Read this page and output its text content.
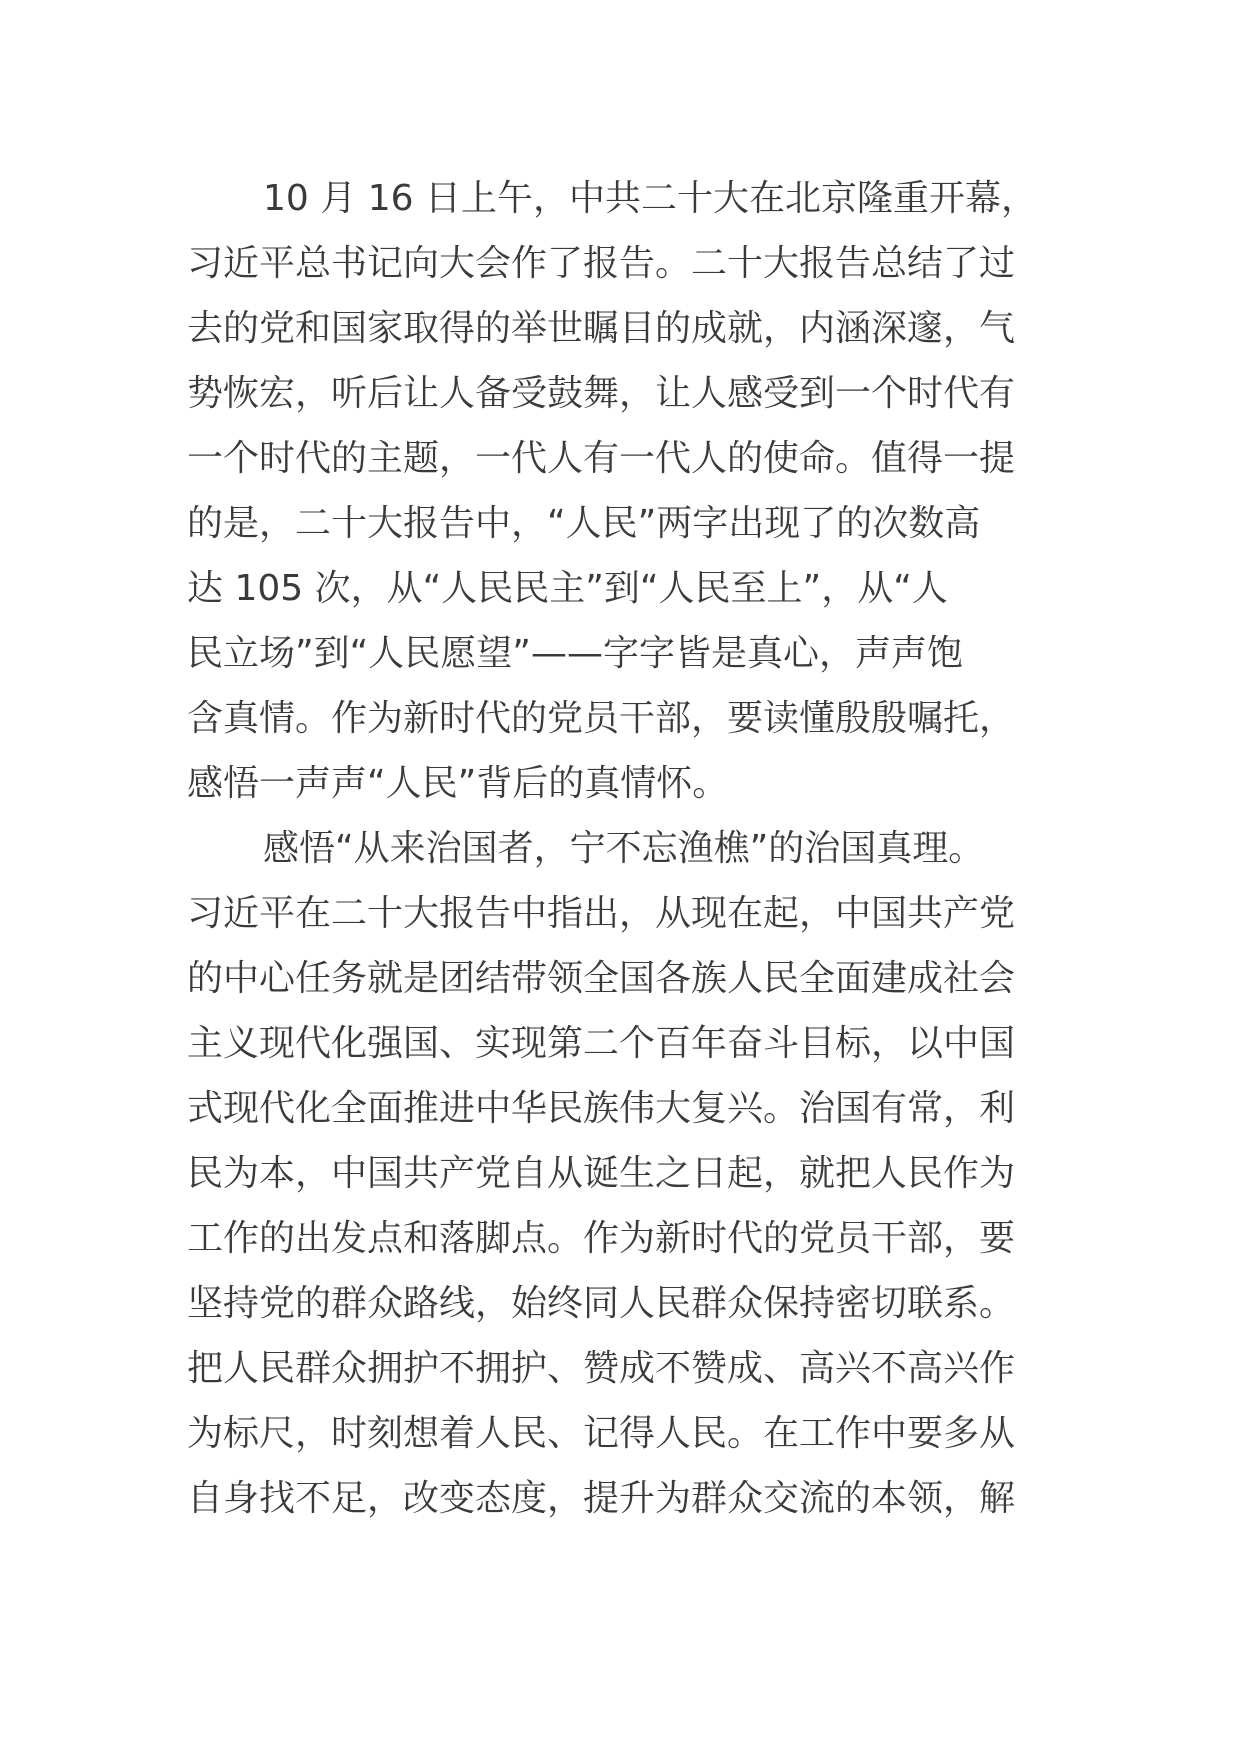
10 月 16 日上午，中共二十大在北京隆重开幕，
习近平总书记向大会作了报告。二十大报告总结了过
去的党和国家取得的举世瞩目的成就，内涵深邃，气
势恢宏，听后让人备受鼓舞，让人感受到一个时代有
一个时代的主题，一代人有一代人的使命。值得一提
的是，二十大报告中，“人民”两字出现了的次数高
达 105 次，从“人民民主”到“人民至上”，从“人
民立场”到“人民愿望”——字字皆是真心，声声饱
含真情。作为新时代的党员干部，要读懂殷殷嘱托，
感悟一声声“人民”背后的真情怀。
感悟“从来治国者，宁不忘渔樵”的治国真理。
习近平在二十大报告中指出，从现在起，中国共产党
的中心任务就是团结带领全国各族人民全面建成社会
主义现代化强国、实现第二个百年奋斗目标，以中国
式现代化全面推进中华民族伟大复兴。治国有常，利
民为本，中国共产党自从诞生之日起，就把人民作为
工作的出发点和落脚点。作为新时代的党员干部，要
坚持党的群众路线，始终同人民群众保持密切联系。
把人民群众拥护不拥护、赞成不赞成、高兴不高兴作
为标尺，时刻想着人民、记得人民。在工作中要多从
自身找不足，改变态度，提升为群众交流的本领，解
